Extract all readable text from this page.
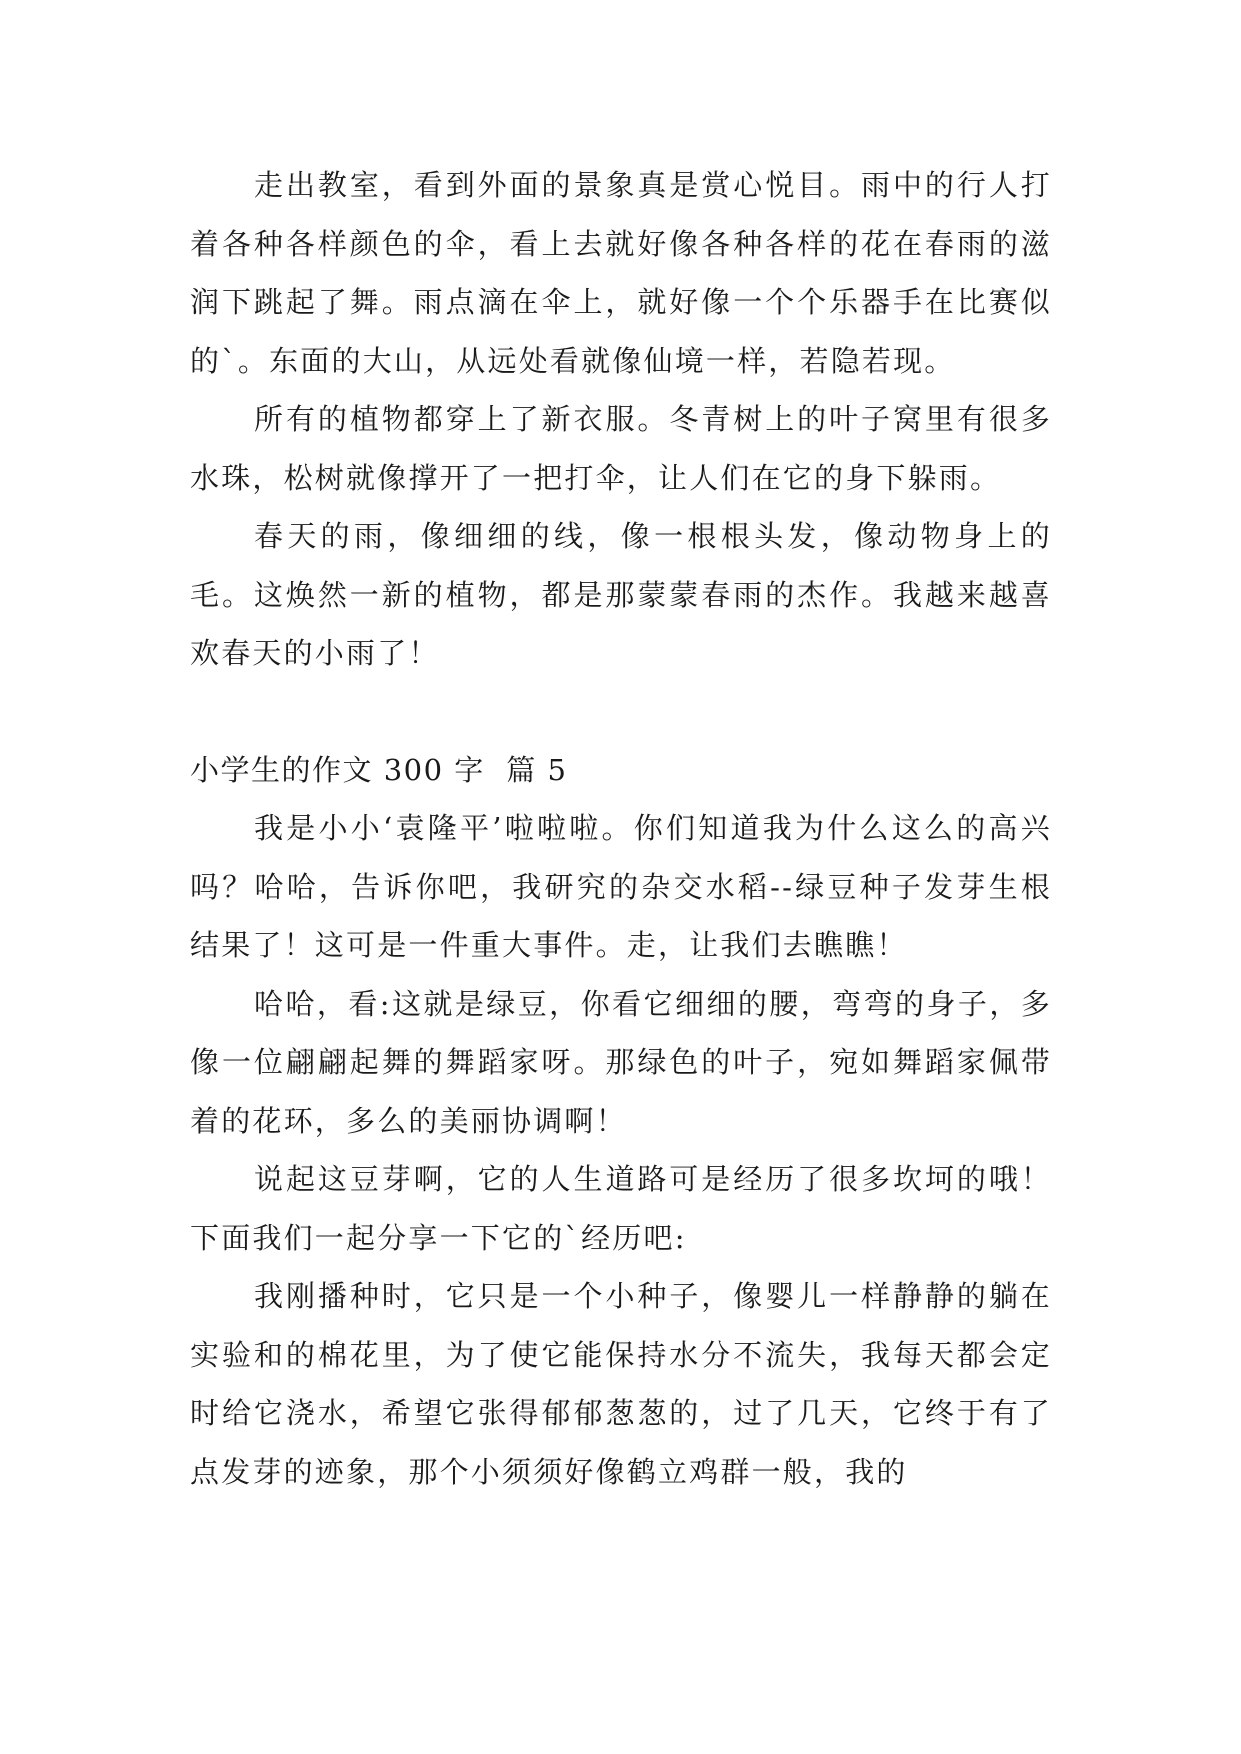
走出教室，看到外面的景象真是赏心悦目。雨中的行人打着各种各样颜色的伞，看上去就好像各种各样的花在春雨的滋润下跳起了舞。雨点滴在伞上，就好像一个个乐器手在比赛似的`。东面的大山，从远处看就像仙境一样，若隐若现。

所有的植物都穿上了新衣服。冬青树上的叶子窝里有很多水珠，松树就像撑开了一把打伞，让人们在它的身下躲雨。

春天的雨，像细细的线，像一根根头发，像动物身上的毛。这焕然一新的植物，都是那蒙蒙春雨的杰作。我越来越喜欢春天的小雨了！

小学生的作文 300 字  篇 5

我是小小‘袁隆平’啦啦啦。你们知道我为什么这么的高兴吗？哈哈，告诉你吧，我研究的杂交水稻--绿豆种子发芽生根结果了！这可是一件重大事件。走，让我们去瞧瞧！

哈哈，看:这就是绿豆，你看它细细的腰，弯弯的身子，多像一位翩翩起舞的舞蹈家呀。那绿色的叶子，宛如舞蹈家佩带着的花环，多么的美丽协调啊！

说起这豆芽啊，它的人生道路可是经历了很多坎坷的哦！下面我们一起分享一下它的`经历吧:

我刚播种时，它只是一个小种子，像婴儿一样静静的躺在实验和的棉花里，为了使它能保持水分不流失，我每天都会定时给它浇水，希望它张得郁郁葱葱的，过了几天，它终于有了点发芽的迹象，那个小须须好像鹤立鸡群一般，我的
